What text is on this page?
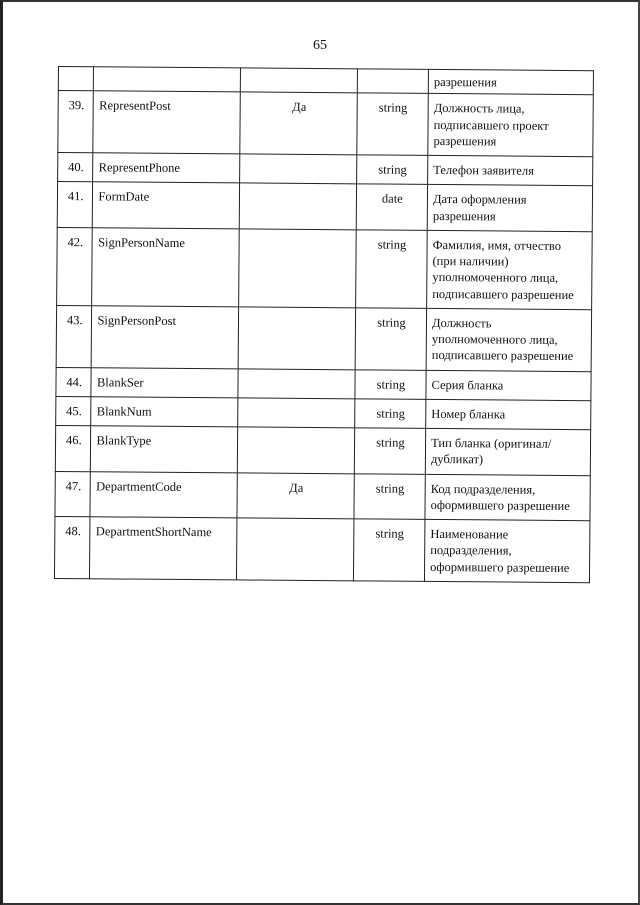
65
				разрешения
39.	RepresentPost	Да	string	Должность лица, подписавшего проект разрешения
40.	RepresentPhone		string	Телефон заявителя
41.	FormDate		date	Дата оформления разрешения
42.	SignPersonName		string	Фамилия, имя, отчество (при наличии) уполномоченного лица, подписавшего разрешение
43.	SignPersonPost		string	Должность уполномоченного лица, подписавшего разрешение
44.	BlankSer		string	Серия бланка
45.	BlankNum		string	Номер бланка
46.	BlankType		string	Тип бланка (оригинал/дубликат)
47.	DepartmentCode	Да	string	Код подразделения, оформившего разрешение
48.	DepartmentShortName		string	Наименование подразделения, оформившего разрешение
